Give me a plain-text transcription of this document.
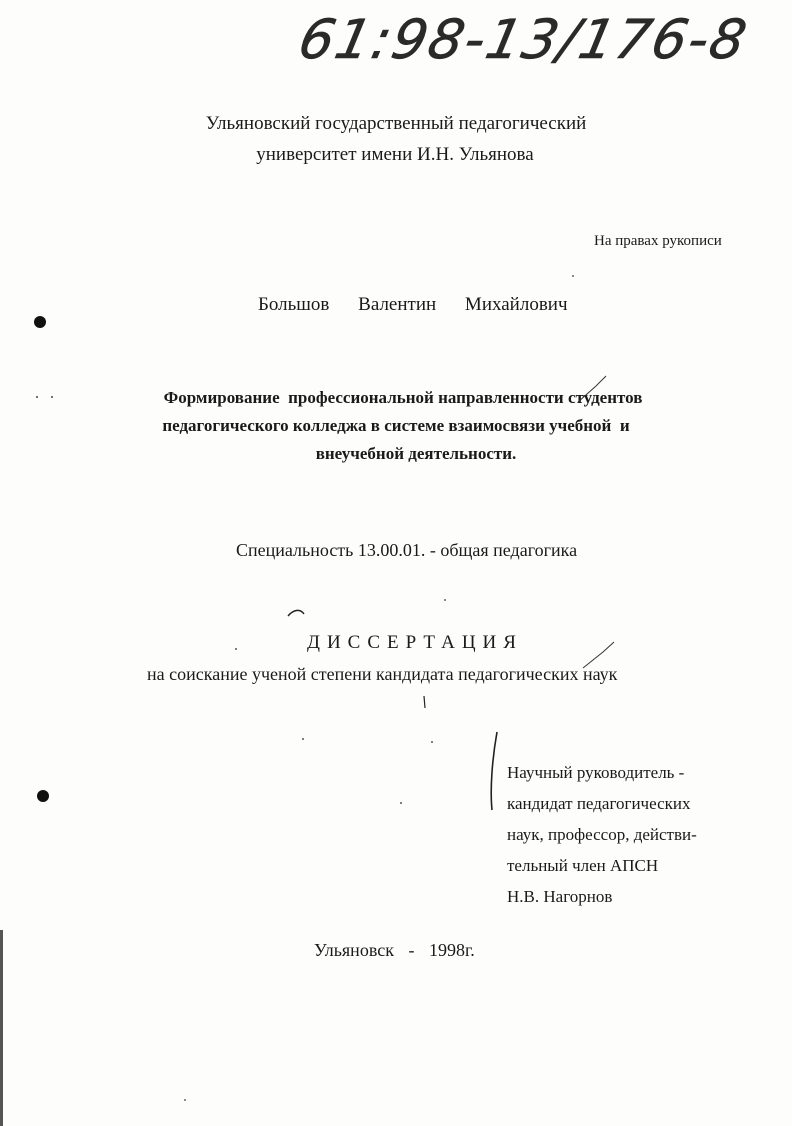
61:98-13/176-8
Ульяновский государственный педагогический
университет имени И.Н. Ульянова
На правах рукописи
Большов Валентин Михайлович
Формирование  профессиональной направленности студентов
педагогического колледжа в системе взаимосвязи учебной  и
внеучебной деятельности.
Специальность 13.00.01. - общая педагогика
ДИССЕРТАЦИЯ
на соискание ученой степени кандидата педагогических наук
Научный руководитель -
кандидат педагогических
наук, профессор, действи-
тельный член АПСН
Н.В. Нагорнов
Ульяновск - 1998г.
